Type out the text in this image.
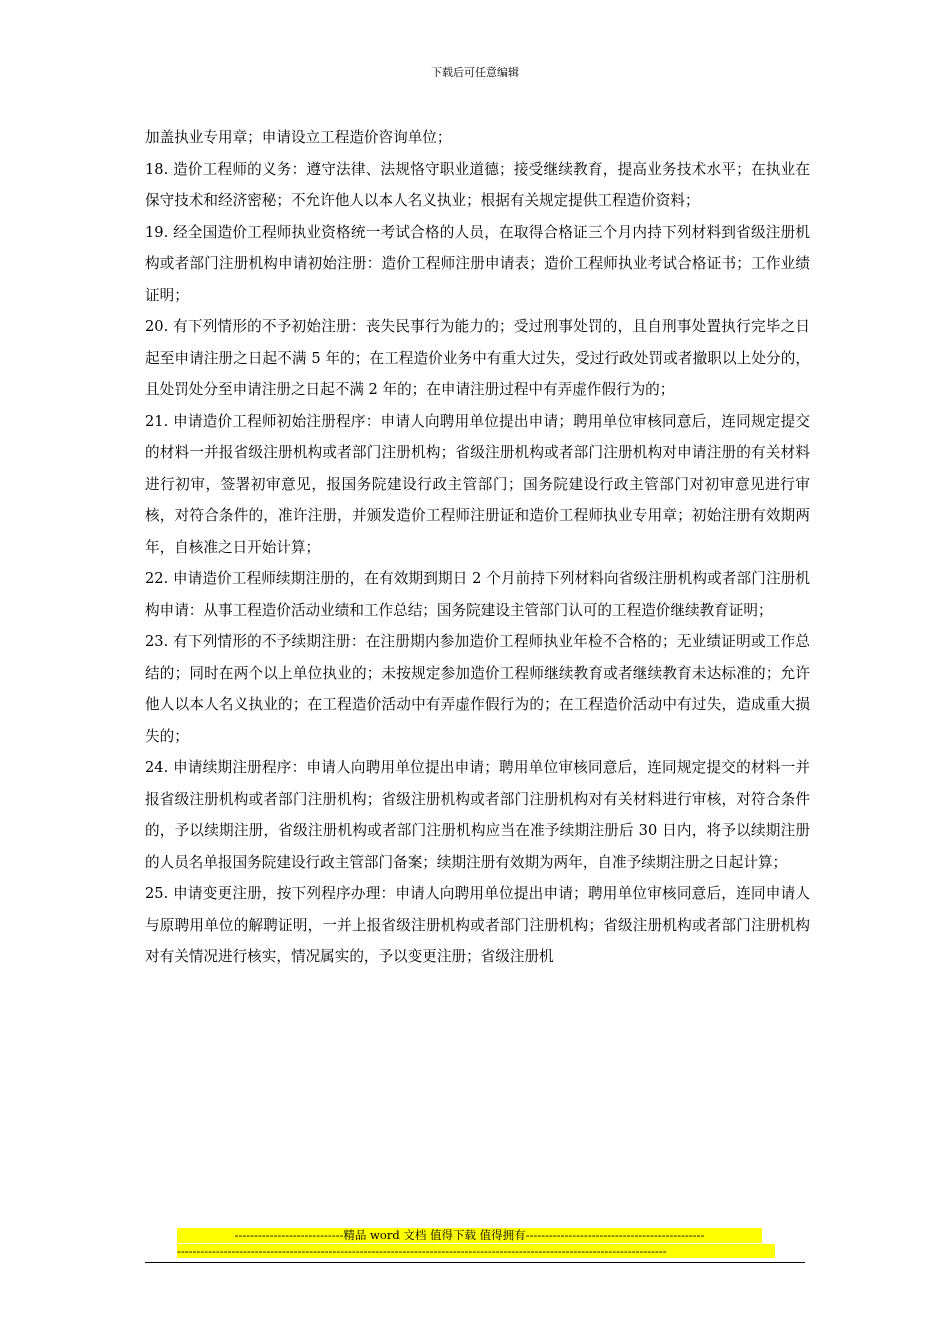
下载后可任意编辑

加盖执业专用章；申请设立工程造价咨询单位；

18. 造价工程师的义务：遵守法律、法规恪守职业道德；接受继续教育，提高业务技术水平；在执业在保守技术和经济密秘；不允许他人以本人名义执业；根据有关规定提供工程造价资料；

19. 经全国造价工程师执业资格统一考试合格的人员，在取得合格证三个月内持下列材料到省级注册机构或者部门注册机构申请初始注册：造价工程师注册申请表；造价工程师执业考试合格证书；工作业绩证明；

20. 有下列情形的不予初始注册：丧失民事行为能力的；受过刑事处罚的，且自刑事处置执行完毕之日起至申请注册之日起不满 5 年的；在工程造价业务中有重大过失，受过行政处罚或者撤职以上处分的，且处罚处分至申请注册之日起不满 2 年的；在申请注册过程中有弄虚作假行为的；

21. 申请造价工程师初始注册程序：申请人向聘用单位提出申请；聘用单位审核同意后，连同规定提交的材料一并报省级注册机构或者部门注册机构；省级注册机构或者部门注册机构对申请注册的有关材料进行初审，签署初审意见，报国务院建设行政主管部门；国务院建设行政主管部门对初审意见进行审核，对符合条件的，准许注册，并颁发造价工程师注册证和造价工程师执业专用章；初始注册有效期两年，自核准之日开始计算；

22. 申请造价工程师续期注册的，在有效期到期日 2 个月前持下列材料向省级注册机构或者部门注册机构申请：从事工程造价活动业绩和工作总结；国务院建设主管部门认可的工程造价继续教育证明；

23. 有下列情形的不予续期注册：在注册期内参加造价工程师执业年检不合格的；无业绩证明或工作总结的；同时在两个以上单位执业的；未按规定参加造价工程师继续教育或者继续教育未达标准的；允许他人以本人名义执业的；在工程造价活动中有弄虚作假行为的；在工程造价活动中有过失，造成重大损失的；

24. 申请续期注册程序：申请人向聘用单位提出申请；聘用单位审核同意后，连同规定提交的材料一并报省级注册机构或者部门注册机构；省级注册机构或者部门注册机构对有关材料进行审核，对符合条件的，予以续期注册，省级注册机构或者部门注册机构应当在准予续期注册后 30 日内，将予以续期注册的人员名单报国务院建设行政主管部门备案；续期注册有效期为两年，自准予续期注册之日起计算；

25. 申请变更注册，按下列程序办理：申请人向聘用单位提出申请；聘用单位审核同意后，连同申请人与原聘用单位的解聘证明，一并上报省级注册机构或者部门注册机构；省级注册机构或者部门注册机构对有关情况进行核实，情况属实的，予以变更注册；省级注册机

----------------------------精品 word 文档 值得下载 值得拥有----------------------------------------------
------------------------------------------------------------------------------------------------------------------------------
